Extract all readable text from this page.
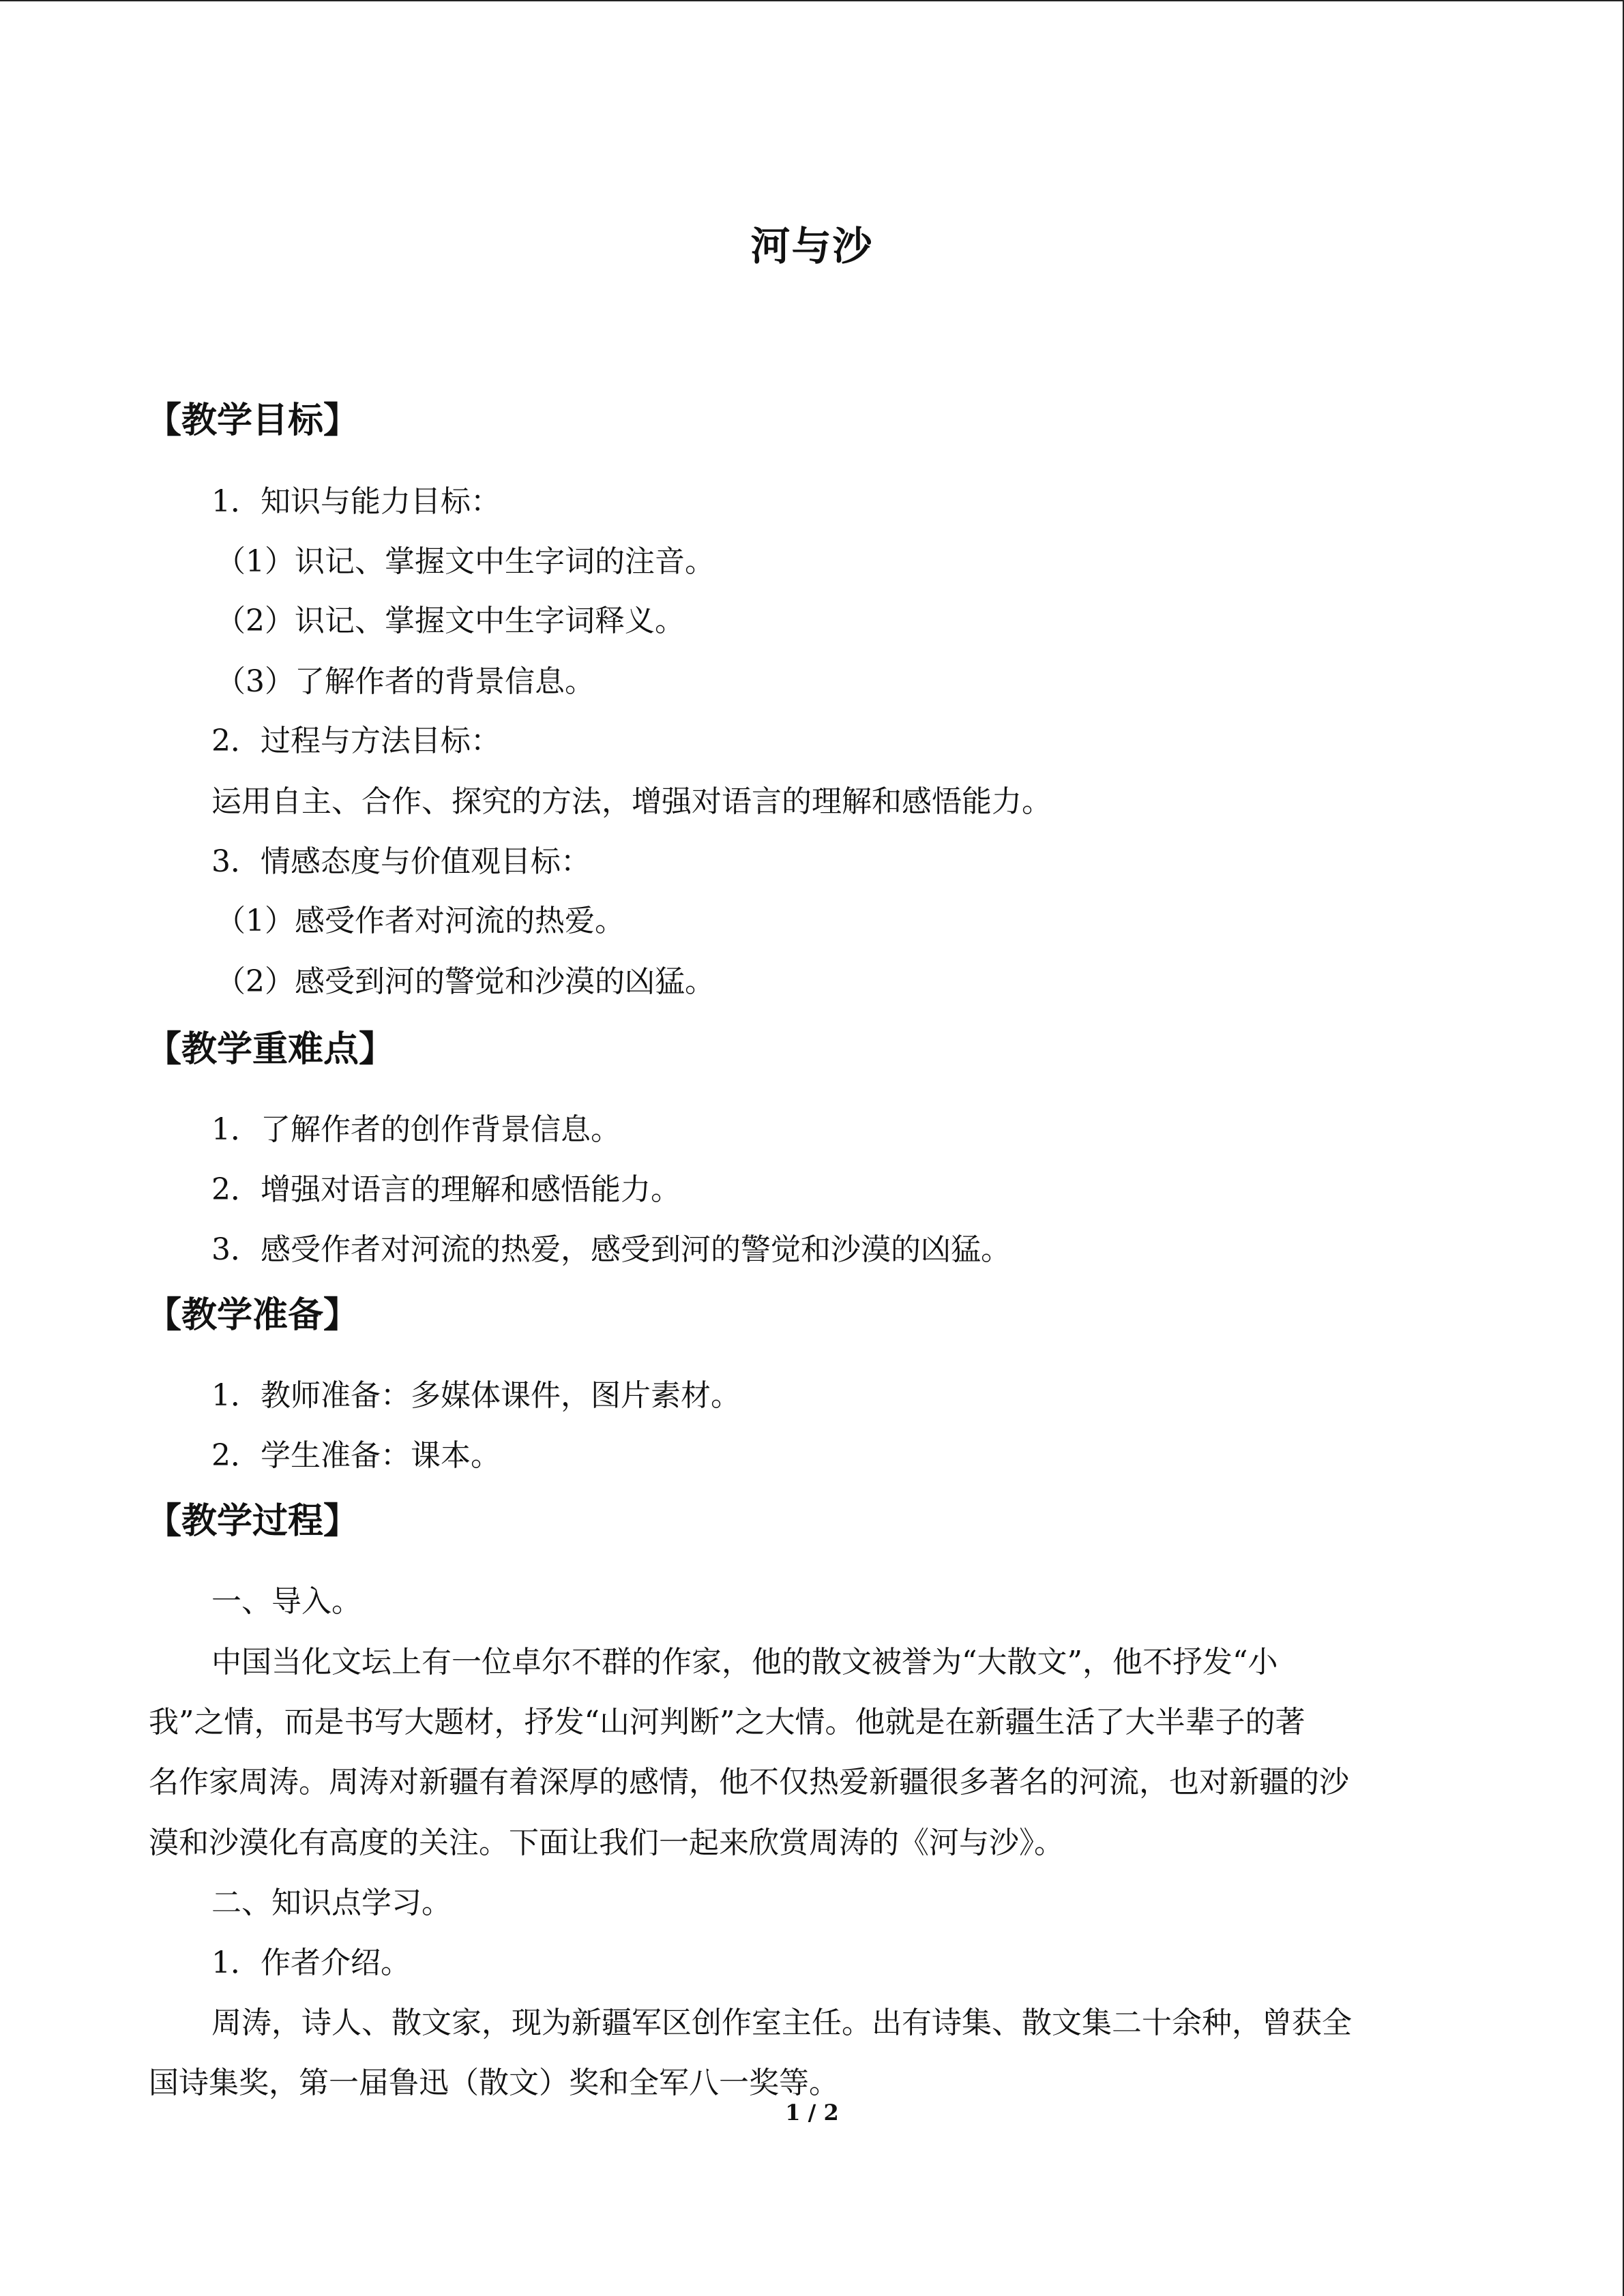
河与沙
【教学目标】
1．知识与能力目标：
（1）识记、掌握文中生字词的注音。
（2）识记、掌握文中生字词释义。
（3）了解作者的背景信息。
2．过程与方法目标：
运用自主、合作、探究的方法，增强对语言的理解和感悟能力。
3．情感态度与价值观目标：
（1）感受作者对河流的热爱。
（2）感受到河的警觉和沙漠的凶猛。
【教学重难点】
1．了解作者的创作背景信息。
2．增强对语言的理解和感悟能力。
3．感受作者对河流的热爱，感受到河的警觉和沙漠的凶猛。
【教学准备】
1．教师准备：多媒体课件，图片素材。
2．学生准备：课本。
【教学过程】
一、导入。
中国当化文坛上有一位卓尔不群的作家，他的散文被誉为“大散文”，他不抒发“小
我”之情，而是书写大题材，抒发“山河判断”之大情。他就是在新疆生活了大半辈子的著
名作家周涛。周涛对新疆有着深厚的感情，他不仅热爱新疆很多著名的河流，也对新疆的沙
漠和沙漠化有高度的关注。下面让我们一起来欣赏周涛的《河与沙》。
二、知识点学习。
1．作者介绍。
周涛，诗人、散文家，现为新疆军区创作室主任。出有诗集、散文集二十余种，曾获全
国诗集奖，第一届鲁迅（散文）奖和全军八一奖等。
1 / 2
